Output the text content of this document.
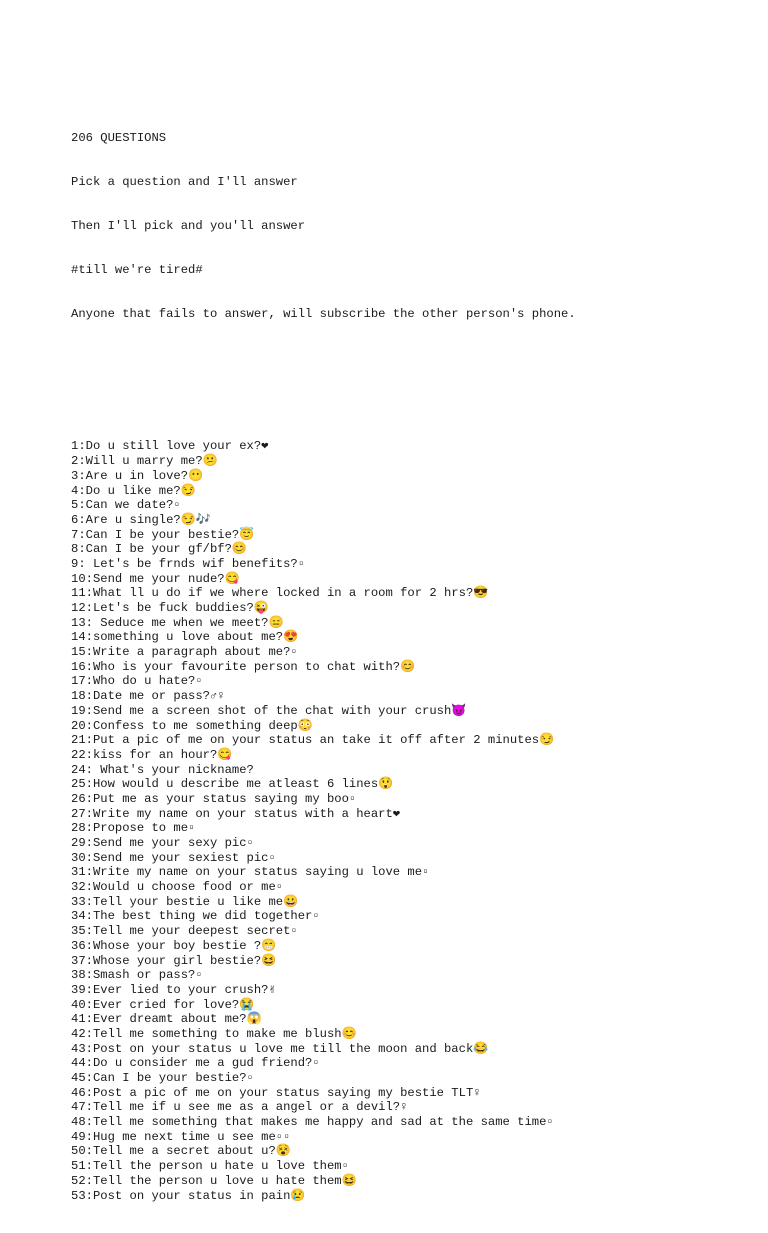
206 QUESTIONS

Pick a question and I'll answer

Then I'll pick and you'll answer

#till we're tired#

Anyone that fails to answer, will subscribe the other person's phone.

1:Do u still love your ex?❤
2:Will u marry me?😕
3:Are u in love?😶
4:Do u like me?😏
5:Can we date?▫
6:Are u single?😏🎶
7:Can I be your bestie?😇
8:Can I be your gf/bf?😊
9: Let's be frnds wif benefits?▫
10:Send me your nude?😋
11:What ll u do if we where locked in a room for 2 hrs?😎
12:Let's be fuck buddies?😜
13: Seduce me when we meet?😑
14:something u love about me?😍
15:Write a paragraph about me?▫
16:Who is your favourite person to chat with?😊
17:Who do u hate?▫
18:Date me or pass?♂♀
19:Send me a screen shot of the chat with your crush😈
20:Confess to me something deep😳
21:Put a pic of me on your status an take it off after 2 minutes😏
22:kiss for an hour?😋
24: What's your nickname?
25:How would u describe me atleast 6 lines😲
26:Put me as your status saying my boo▫
27:Write my name on your status with a heart❤
28:Propose to me▫
29:Send me your sexy pic▫
30:Send me your sexiest pic▫
31:Write my name on your status saying u love me▫
32:Would u choose food or me▫
33:Tell your bestie u like me😀
34:The best thing we did together▫
35:Tell me your deepest secret▫
36:Whose your boy bestie ?😁
37:Whose your girl bestie?😆
38:Smash or pass?▫
39:Ever lied to your crush?✌
40:Ever cried for love?😭
41:Ever dreamt about me?😱
42:Tell me something to make me blush😊
43:Post on your status u love me till the moon and back😂
44:Do u consider me a gud friend?▫
45:Can I be your bestie?▫
46:Post a pic of me on your status saying my bestie TLT♀
47:Tell me if u see me as a angel or a devil?♀
48:Tell me something that makes me happy and sad at the same time▫
49:Hug me next time u see me▫▫
50:Tell me a secret about u?😵
51:Tell the person u hate u love them▫
52:Tell the person u love u hate them😆
53:Post on your status in pain😢
